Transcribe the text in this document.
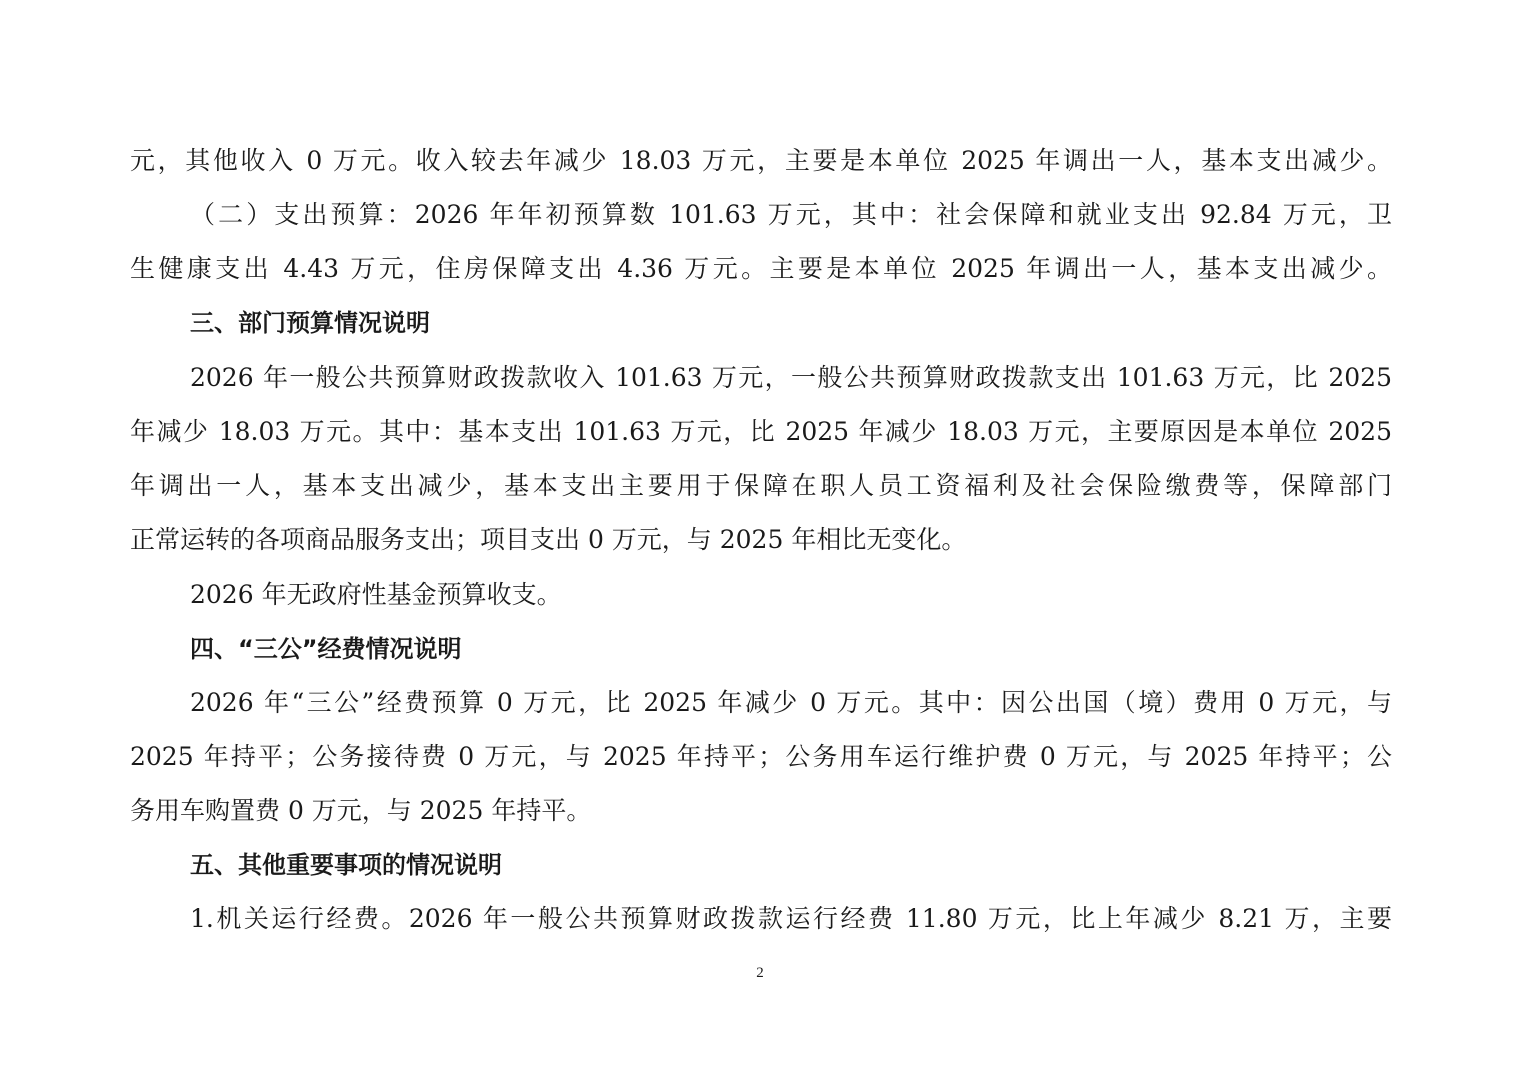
元，其他收入 0 万元。收入较去年减少 18.03 万元，主要是本单位 2025 年调出一人，基本支出减少。
（二）支出预算：2026 年年初预算数 101.63 万元，其中：社会保障和就业支出 92.84 万元，卫
生健康支出 4.43 万元，住房保障支出 4.36 万元。主要是本单位 2025 年调出一人，基本支出减少。
三、部门预算情况说明
2026 年一般公共预算财政拨款收入 101.63 万元，一般公共预算财政拨款支出 101.63 万元，比 2025
年减少 18.03 万元。其中：基本支出 101.63 万元，比 2025 年减少 18.03 万元，主要原因是本单位 2025
年调出一人，基本支出减少，基本支出主要用于保障在职人员工资福利及社会保险缴费等，保障部门
正常运转的各项商品服务支出；项目支出 0 万元，与 2025 年相比无变化。
2026 年无政府性基金预算收支。
四、“三公”经费情况说明
2026 年“三公”经费预算 0 万元，比 2025 年减少 0 万元。其中：因公出国（境）费用 0 万元，与
2025 年持平；公务接待费 0 万元，与 2025 年持平；公务用车运行维护费 0 万元，与 2025 年持平；公
务用车购置费 0 万元，与 2025 年持平。
五、其他重要事项的情况说明
1.机关运行经费。2026 年一般公共预算财政拨款运行经费 11.80 万元，比上年减少 8.21 万，主要
2
